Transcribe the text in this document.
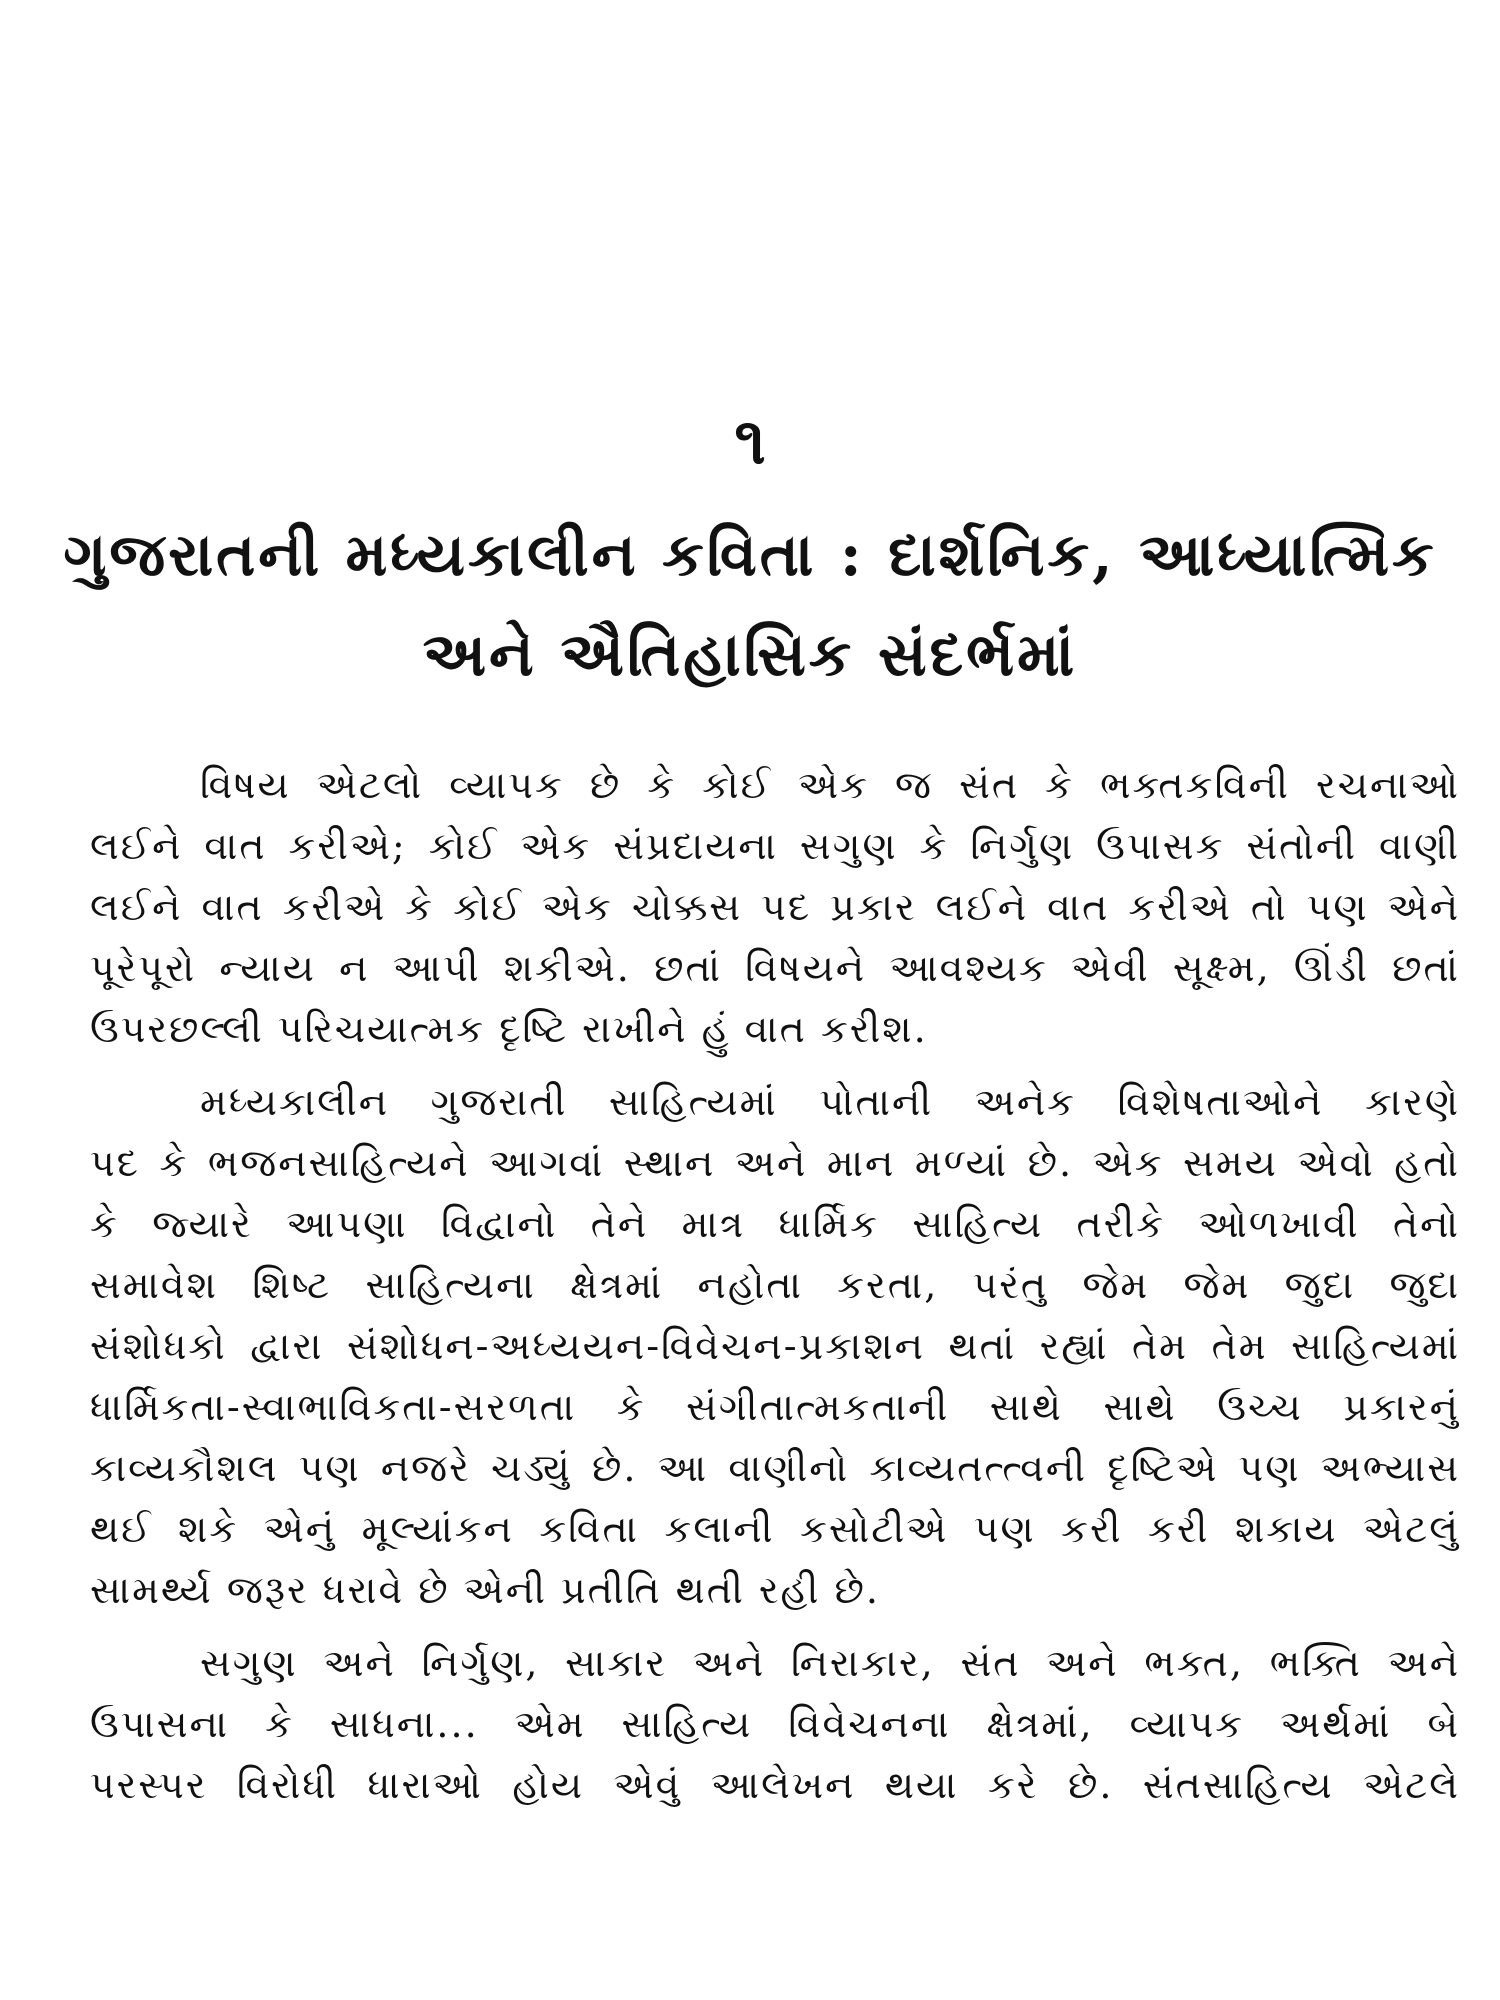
૧
ગુજરાતની મધ્યકાલીન કવિતા : દાર્શનિક, આધ્યાત્મિક
અને ઐતિહાસિક સંદર્ભમાં
વિષય એટલો વ્યાપક છે કે કોઈ એક જ સંત કે ભક્તકવિની રચનાઓ
લઈને વાત કરીએ; કોઈ એક સંપ્રદાયના સગુણ કે નિર્ગુણ ઉપાસક સંતોની વાણી
લઈને વાત કરીએ કે કોઈ એક ચોક્કસ પદ પ્રકાર લઈને વાત કરીએ તો પણ એને
પૂરેપૂરો ન્યાય ન આપી શકીએ. છતાં વિષયને આવશ્યક એવી સૂક્ષ્મ, ઊંડી છતાં
ઉપરછલ્લી પરિચયાત્મક દૃષ્ટિ રાખીને હું વાત કરીશ.
મધ્યકાલીન ગુજરાતી સાહિત્યમાં પોતાની અનેક વિશેષતાઓને કારણે
પદ કે ભજનસાહિત્યને આગવાં સ્થાન અને માન મળ્યાં છે. એક સમય એવો હતો
કે જ્યારે આપણા વિદ્વાનો તેને માત્ર ધાર્મિક સાહિત્ય તરીકે ઓળખાવી તેનો
સમાવેશ શિષ્ટ સાહિત્યના ક્ષેત્રમાં નહોતા કરતા, પરંતુ જેમ જેમ જુદા જુદા
સંશોધકો દ્વારા સંશોધન-અધ્યયન-વિવેચન-પ્રકાશન થતાં રહ્યાં તેમ તેમ સાહિત્યમાં
ધાર્મિકતા-સ્વાભાવિકતા-સરળતા કે સંગીતાત્મકતાની સાથે સાથે ઉચ્ચ પ્રકારનું
કાવ્યકૌશલ પણ નજરે ચડ્યું છે. આ વાણીનો કાવ્યતત્ત્વની દૃષ્ટિએ પણ અભ્યાસ
થઈ શકે એનું મૂલ્યાંકન કવિતા કલાની કસોટીએ પણ કરી કરી શકાય એટલું
સામર્થ્ય જરૂર ધરાવે છે એની પ્રતીતિ થતી રહી છે.
સગુણ અને નિર્ગુણ, સાકાર અને નિરાકાર, સંત અને ભક્ત, ભક્તિ અને
ઉપાસના કે સાધના... એમ સાહિત્ય વિવેચનના ક્ષેત્રમાં, વ્યાપક અર્થમાં બે
પરસ્પર વિરોધી ધારાઓ હોય એવું આલેખન થયા કરે છે. સંતસાહિત્ય એટલે
